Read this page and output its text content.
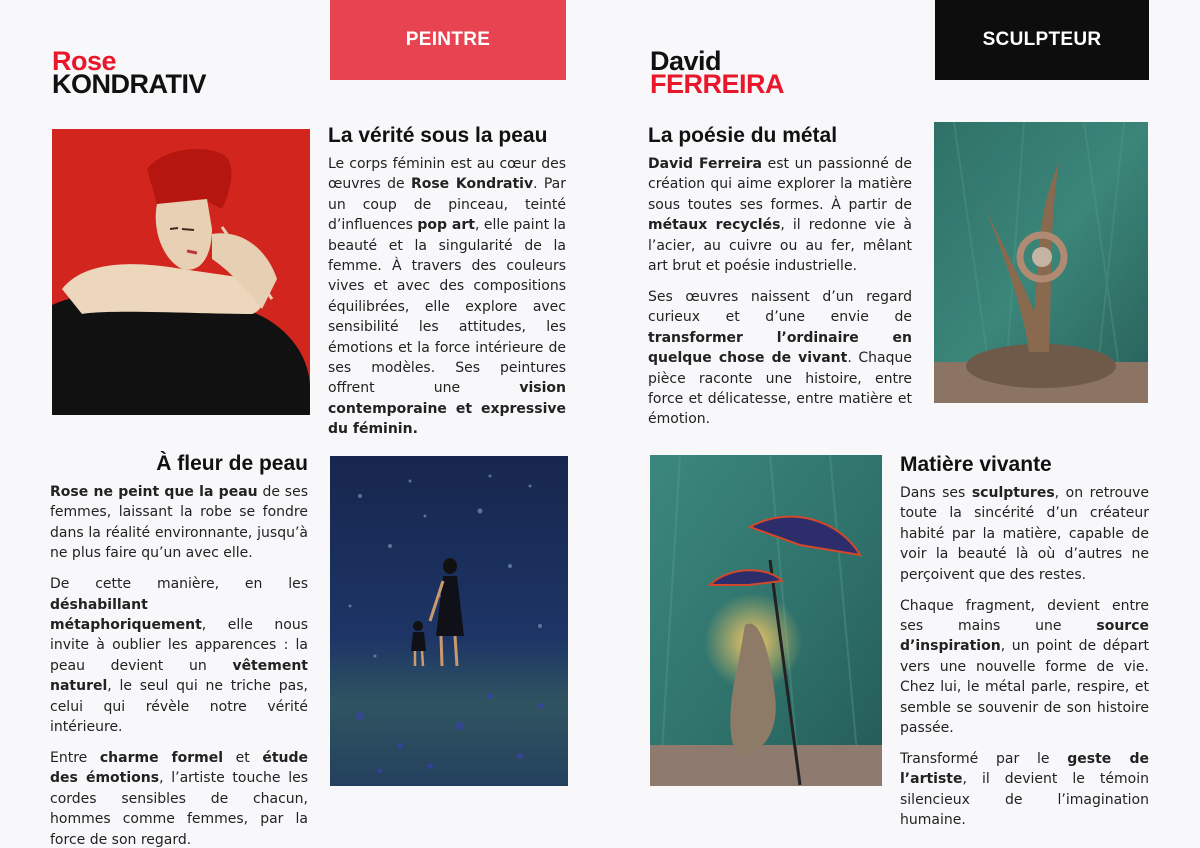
Rose
KONDRATIV
PEINTRE
La vérité sous la peau

Le corps féminin est au cœur des œuvres de Rose Kondrativ. Par un coup de pinceau, teinté d’influences pop art, elle paint la beauté et la singularité de la femme. À travers des couleurs vives et avec des compositions équilibrées, elle explore avec sensibilité les attitudes, les émotions et la force intérieure de ses modèles. Ses peintures offrent une vision contemporaine et expressive du féminin.

À fleur de peau

Rose ne peint que la peau de ses femmes, laissant la robe se fondre dans la réalité environnante, jusqu’à ne plus faire qu’un avec elle.

De cette manière, en les déshabillant métaphoriquement, elle nous invite à oublier les apparences : la peau devient un vêtement naturel, le seul qui ne triche pas, celui qui révèle notre vérité intérieure.

Entre charme formel et étude des émotions, l’artiste touche les cordes sensibles de chacun, hommes comme femmes, par la force de son regard.

David
FERREIRA
SCULPTEUR
La poésie du métal

David Ferreira est un passionné de création qui aime explorer la matière sous toutes ses formes. À partir de métaux recyclés, il redonne vie à l’acier, au cuivre ou au fer, mêlant art brut et poésie industrielle.

Ses œuvres naissent d’un regard curieux et d’une envie de transformer l’ordinaire en quelque chose de vivant. Chaque pièce raconte une histoire, entre force et délicatesse, entre matière et émotion.

Matière vivante

Dans ses sculptures, on retrouve toute la sincérité d’un créateur habité par la matière, capable de voir la beauté là où d’autres ne perçoivent que des restes.

Chaque fragment, devient entre ses mains une source d’inspiration, un point de départ vers une nouvelle forme de vie. Chez lui, le métal parle, respire, et semble se souvenir de son histoire passée.

Transformé par le geste de l’artiste, il devient le témoin silencieux de l’imagination humaine.
